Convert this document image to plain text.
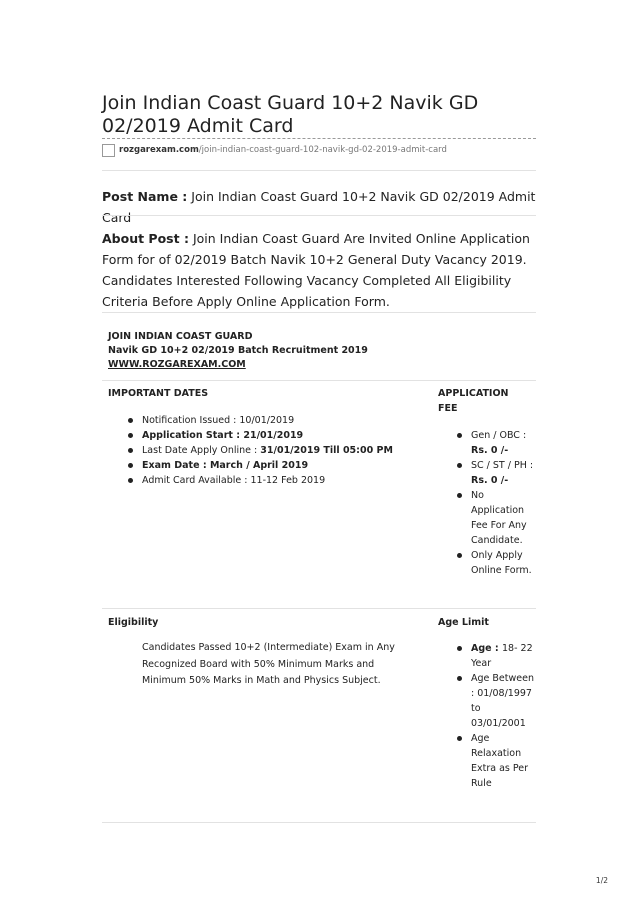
Join Indian Coast Guard 10+2 Navik GD 02/2019 Admit Card
rozgarexam.com /join-indian-coast-guard-102-navik-gd-02-2019-admit-card
Post Name : Join Indian Coast Guard 10+2 Navik GD 02/2019 Admit Card
About Post : Join Indian Coast Guard Are Invited Online Application Form for of 02/2019 Batch Navik 10+2 General Duty Vacancy 2019. Candidates Interested Following Vacancy Completed All Eligibility Criteria Before Apply Online Application Form.
JOIN INDIAN COAST GUARD
Navik GD 10+2 02/2019 Batch Recruitment 2019
WWW.ROZGAREXAM.COM
IMPORTANT DATES
Notification Issued : 10/01/2019
Application Start : 21/01/2019
Last Date Apply Online : 31/01/2019 Till 05:00 PM
Exam Date : March / April 2019
Admit Card Available : 11-12 Feb 2019
APPLICATION FEE
Gen / OBC : Rs. 0 /-
SC / ST / PH : Rs. 0 /-
No Application Fee For Any Candidate.
Only Apply Online Form.
Eligibility
Candidates Passed 10+2 (Intermediate) Exam in Any Recognized Board with 50% Minimum Marks and Minimum 50% Marks in Math and Physics Subject.
Age Limit
Age : 18- 22 Year
Age Between : 01/08/1997 to 03/01/2001
Age Relaxation Extra as Per Rule
1/2
